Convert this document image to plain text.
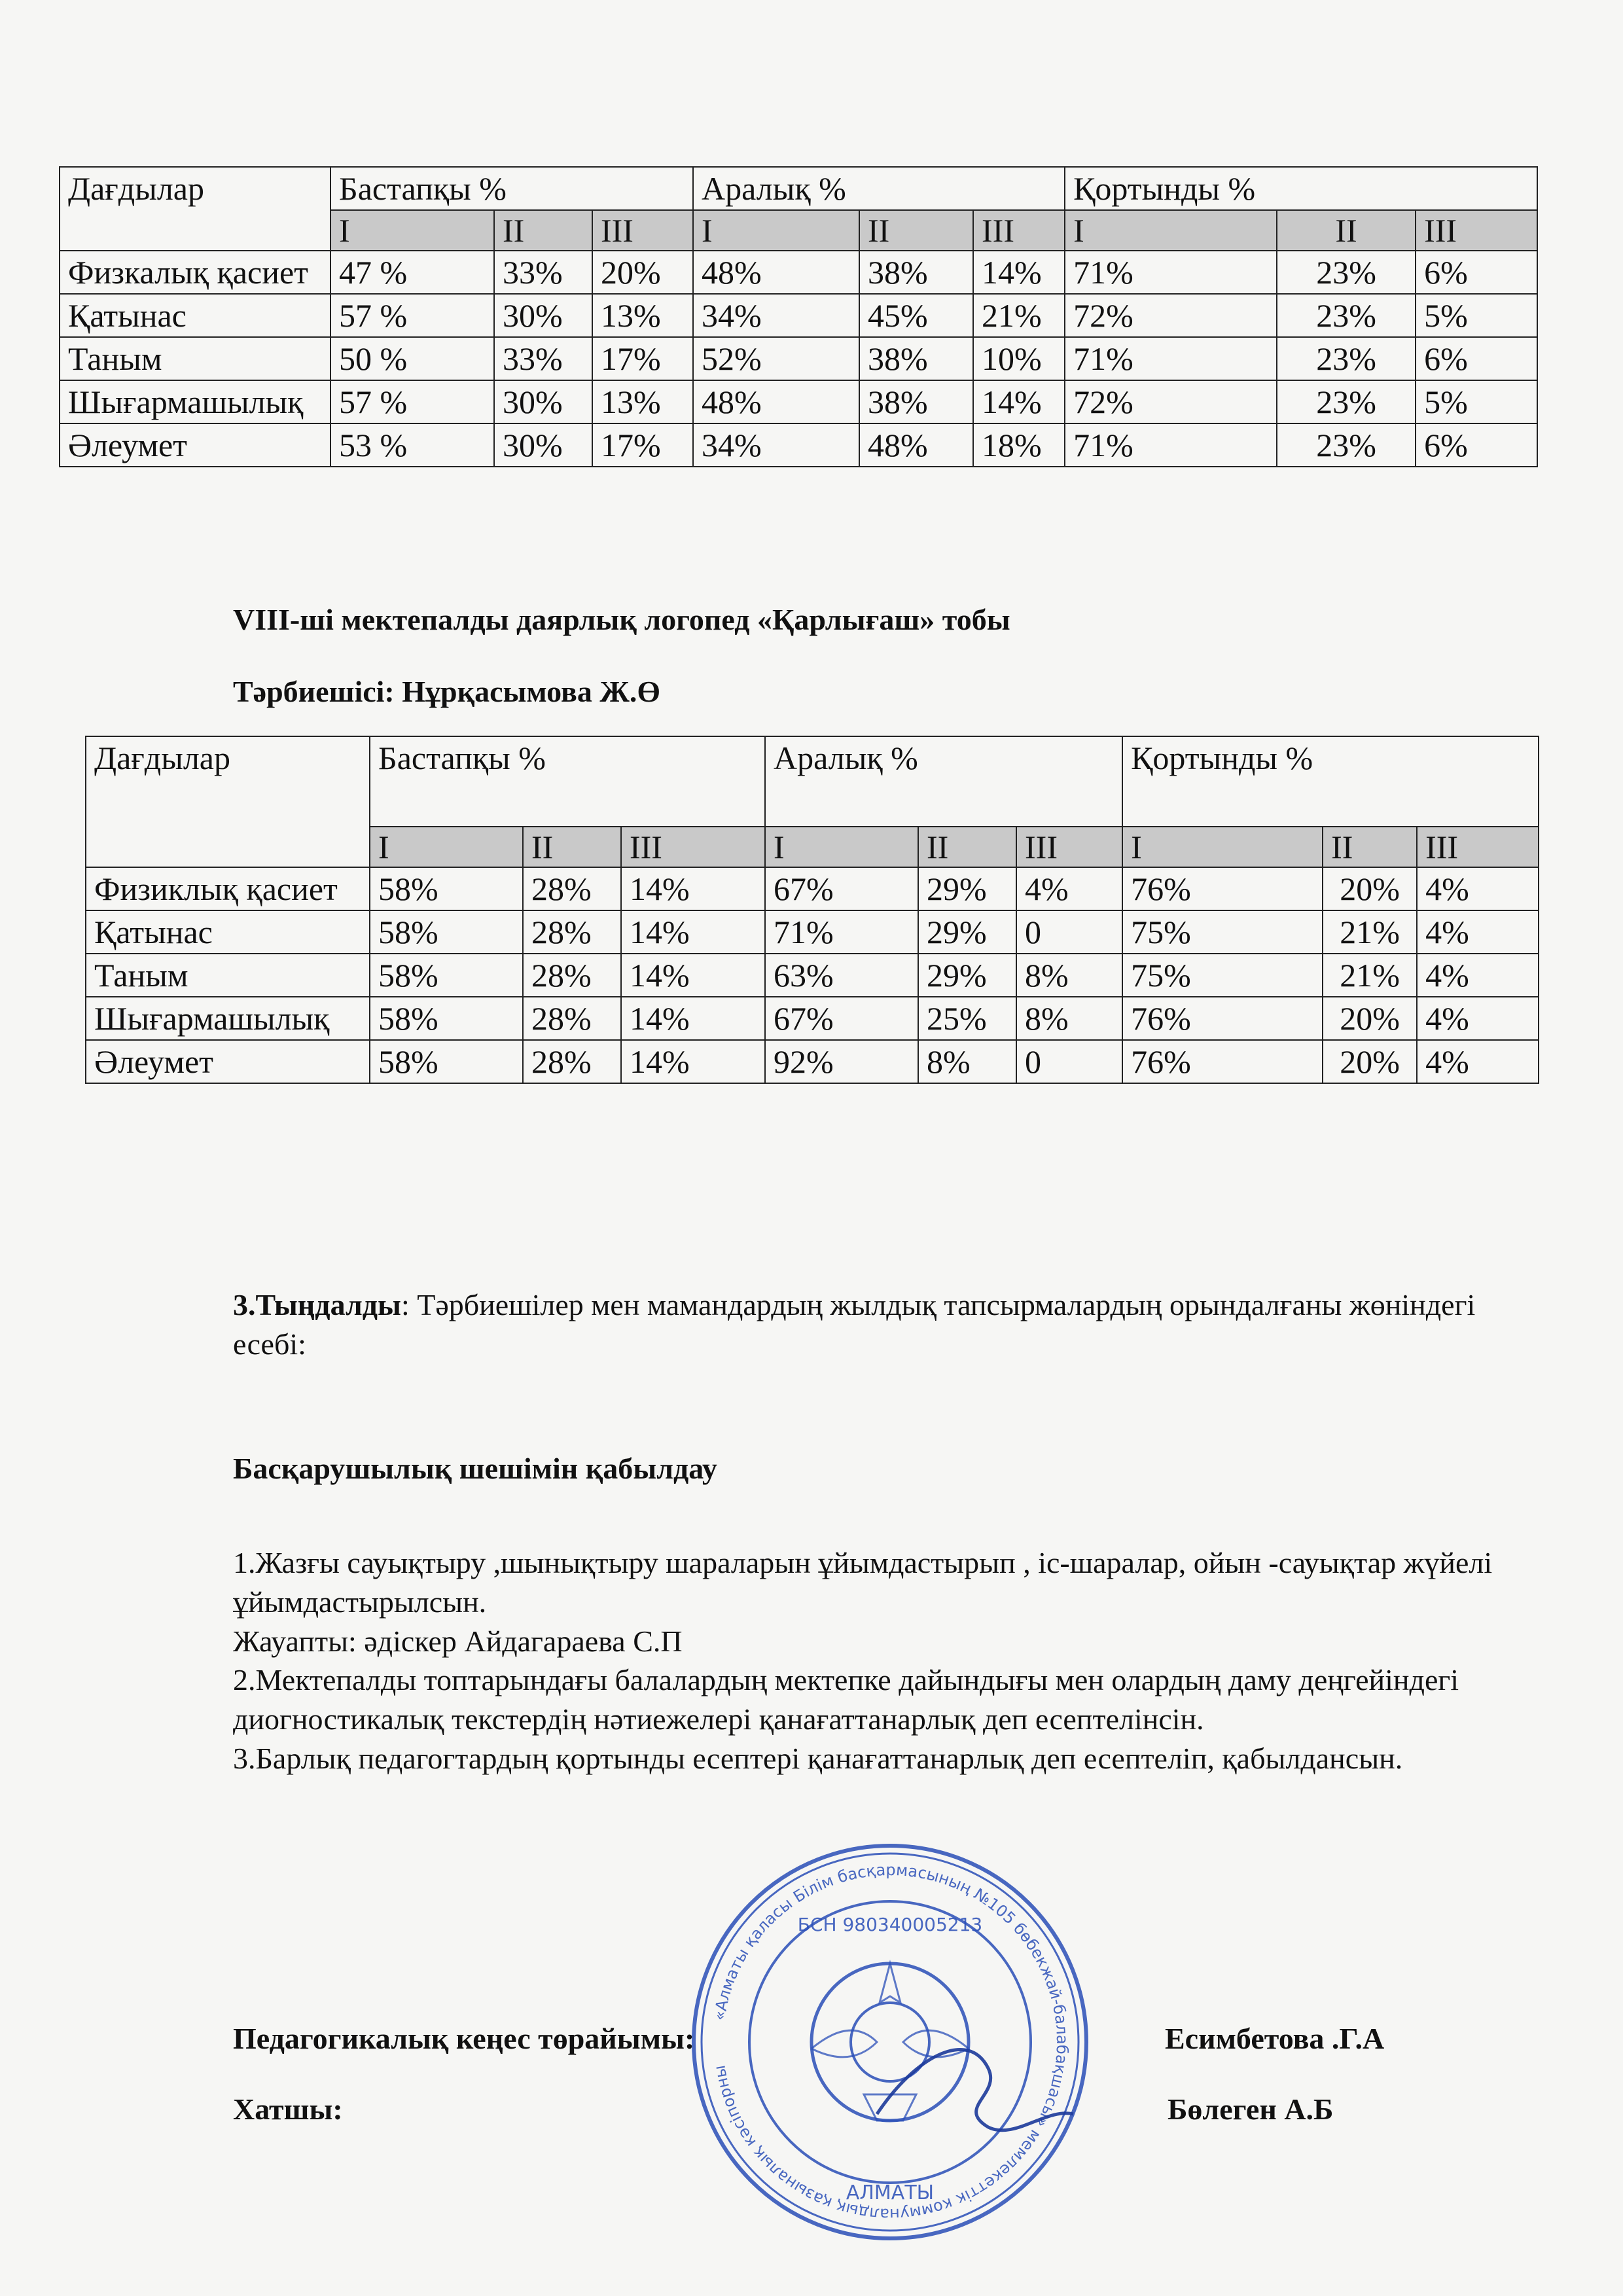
Дағдылар	Бастапқы %			Аралық %			Қортынды %		
	I	II	III	I	II	III	I	II	III
Физкалық қасиет	47 %	33%	20%	48%	38%	14%	71%	23%	6%
Қатынас	57 %	30%	13%	34%	45%	21%	72%	23%	5%
Таным	50 %	33%	17%	52%	38%	10%	71%	23%	6%
Шығармашылық	57 %	30%	13%	48%	38%	14%	72%	23%	5%
Әлеумет	53 %	30%	17%	34%	48%	18%	71%	23%	6%
VIII-ші мектепалды даярлық логопед «Қарлығаш» тобы
Тәрбиешісі: Нұрқасымова Ж.Ө
Дағдылар	Бастапқы %			Аралық %			Қортынды %		
	I	II	III	I	II	III	I	II	III
Физиклық қасиет	58%	28%	14%	67%	29%	4%	76%	20%	4%
Қатынас	58%	28%	14%	71%	29%	0	75%	21%	4%
Таным	58%	28%	14%	63%	29%	8%	75%	21%	4%
Шығармашылық	58%	28%	14%	67%	25%	8%	76%	20%	4%
Әлеумет	58%	28%	14%	92%	8%	0	76%	20%	4%
3.Тыңдалды: Тәрбиешілер мен мамандардың жылдық тапсырмалардың орындалғаны жөніндегі есебі:
Басқарушылық шешімін қабылдау

1.Жазғы сауықтыру ,шынықтыру шараларын ұйымдастырып , іс-шаралар, ойын -сауықтар жүйелі ұйымдастырылсын.

Жауапты: әдіскер Айдагараева С.П

2.Мектепалды топтарындағы балалардың мектепке дайындығы мен олардың даму деңгейіндегі диогностикалық текстердің нәтиежелері қанағаттанарлық деп есептелінсін.

3.Барлық педагогтардың қортынды есептері қанағаттанарлық деп есептеліп, қабылдансын.

«Алматы қаласы Білім басқармасының №105 бөбекжай-балабақшасы» мемлекеттік коммуналдық қазыналық кәсіпорны
БСН 980340005213
АЛМАТЫ
Педагогикалық кеңес төрайымы:	Есимбетова .Г.А
Хатшы:	Бөлеген А.Б
